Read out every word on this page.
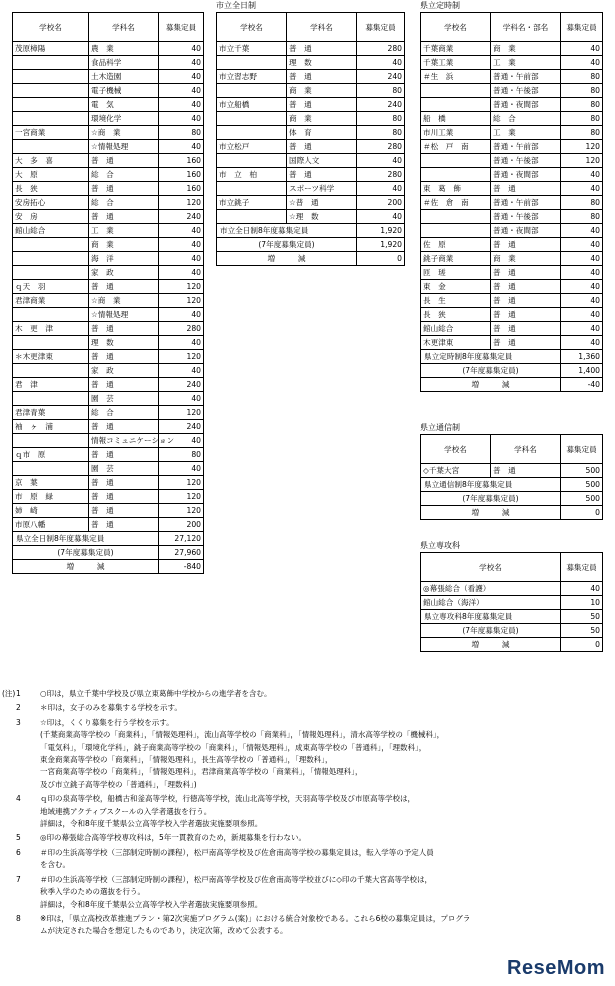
学校名	学科名	募集定員
茂原樟陽	農　業	40
	食品科学	40
	土木造園	40
	電子機械	40
	電　気	40
	環境化学	40
一宮商業	☆商　業	80
	☆情報処理	40
大　多　喜	普　通	160
大　原	総　合	160
長　狭	普　通	160
安房拓心	総　合	120
安　房	普　通	240
館山総合	工　業	40
	商　業	40
	海　洋	40
	家　政	40
ｑ天　羽	普　通	120
君津商業	☆商　業	120
	☆情報処理	40
木　更　津	普　通	280
	理　数	40
＊木更津東	普　通	120
	家　政	40
君　津	普　通	240
	園　芸	40
君津青葉	総　合	120
袖　ヶ　浦	普　通	240
	情報コミュニケーション	40
ｑ市　原	普　通	80
	園　芸	40
京　葉	普　通	120
市　原　緑	普　通	120
姉　崎	普　通	120
市原八幡	普　通	200
県立全日制8年度募集定員		27,120
(7年度募集定員)		27,960
増　　　減		-840
市立全日制
学校名	学科名	募集定員
市立千葉	普　通	280
	理　数	40
市立習志野	普　通	240
	商　業	80
市立船橋	普　通	240
	商　業	80
	体　育	80
市立松戸	普　通	280
	国際人文	40
市　立　柏	普　通	280
	スポーツ科学	40
市立銚子	☆普　通	200
	☆理　数	40
市立全日制8年度募集定員		1,920
(7年度募集定員)		1,920
増　　　減		0
県立定時制
学校名	学科名・部名	募集定員
千葉商業	商　業	40
千葉工業	工　業	40
＃生　浜	普通・午前部	80
	普通・午後部	80
	普通・夜間部	80
船　橋	総　合	80
市川工業	工　業	80
＃松　戸　南	普通・午前部	120
	普通・午後部	120
	普通・夜間部	40
東　葛　飾	普　通	40
＃佐　倉　南	普通・午前部	80
	普通・午後部	80
	普通・夜間部	40
佐　原	普　通	40
銚子商業	商　業	40
匝　瑳	普　通	40
東　金	普　通	40
長　生	普　通	40
長　狭	普　通	40
館山総合	普　通	40
木更津東	普　通	40
県立定時制8年度募集定員		1,360
(7年度募集定員)		1,400
増　　　減		-40
県立通信制
学校名	学科名	募集定員
◇千葉大宮	普　通	500
県立通信制8年度募集定員		500
(7年度募集定員)		500
増　　　減		0
県立専攻科
学校名	募集定員
◎幕張総合（看護）	40
館山総合（海洋）	10
県立専攻科8年度募集定員	50
(7年度募集定員)	50
増　　　減	0
(注) 1	○印は，県立千葉中学校及び県立東葛飾中学校からの進学者を含む。
2	＊印は，女子のみを募集する学校を示す。
3	☆印は，くくり募集を行う学校を示す。
(千葉商業高等学校の「商業科」，「情報処理科」，流山高等学校の「商業科」，「情報処理科」，清水高等学校の「機械科」，
「電気科」，「環境化学科」，銚子商業高等学校の「商業科」，「情報処理科」，成東高等学校の「普通科」，「理数科」，
東金商業高等学校の「商業科」，「情報処理科」，長生高等学校の「普通科」，「理数科」，
一宮商業高等学校の「商業科」，「情報処理科」，君津商業高等学校の「商業科」，「情報処理科」，
及び市立銚子高等学校の「普通科」，「理数科」)
4	ｑ印の泉高等学校，船橋古和釜高等学校，行徳高等学校，流山北高等学校，天羽高等学校及び市原高等学校は，
地域連携アクティブスクールの入学者選抜を行う。
詳細は，令和8年度千葉県公立高等学校入学者選抜実施要項参照。
5	◎印の幕張総合高等学校専攻科は，5年一貫教育のため，新規募集を行わない。
6	＃印の生浜高等学校（三部制定時制の課程），松戸南高等学校及び佐倉南高等学校の募集定員は，転入学等の予定人員
を含む。
7	＃印の生浜高等学校（三部制定時制の課程），松戸南高等学校及び佐倉南高等学校並びに◇印の千葉大宮高等学校は，
秋季入学のための選抜を行う。
詳細は，令和8年度千葉県公立高等学校入学者選抜実施要項参照。
8	※印は，「県立高校改革推進プラン・第2次実施プログラム(案)」における統合対象校である。これら6校の募集定員は，プログラ
ムが決定された場合を想定したものであり，決定次第，改めて公表する。
ReseMom
